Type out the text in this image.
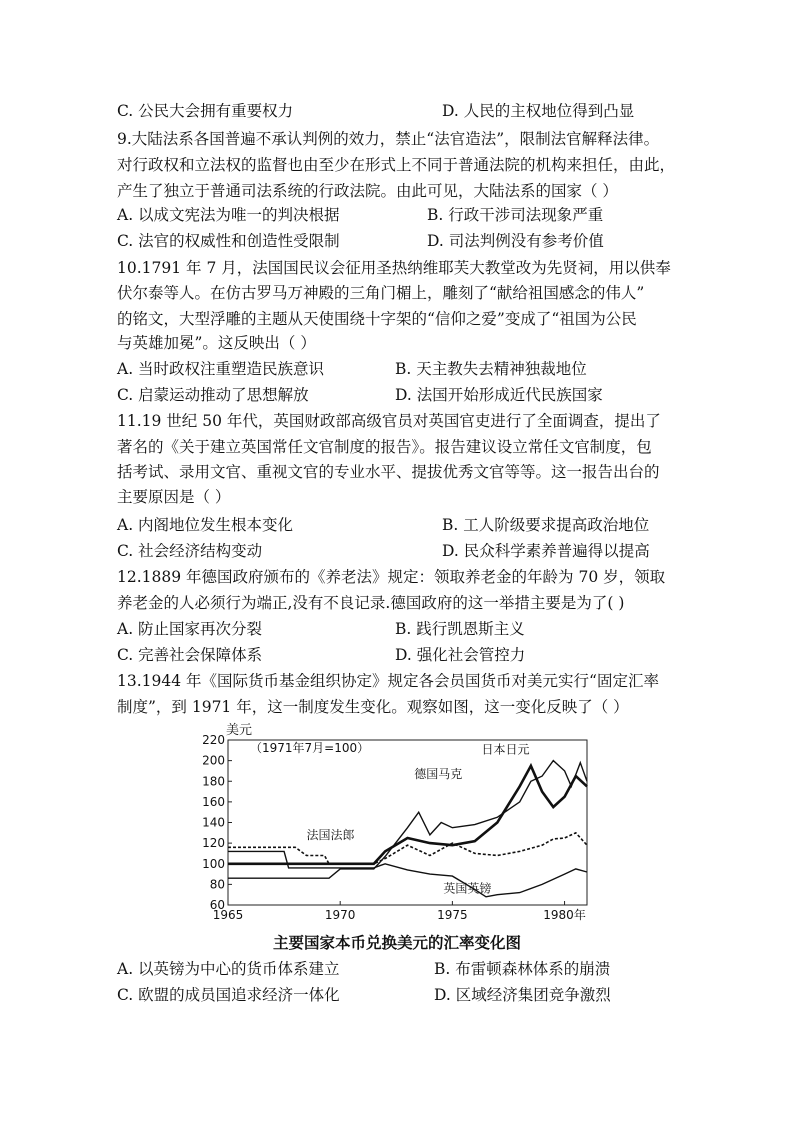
C. 公民大会拥有重要权力	D. 人民的主权地位得到凸显
9.大陆法系各国普遍不承认判例的效力，禁止“法官造法”，限制法官解释法律。
对行政权和立法权的监督也由至少在形式上不同于普通法院的机构来担任，由此，
产生了独立于普通司法系统的行政法院。由此可见，大陆法系的国家（ ）
A. 以成文宪法为唯一的判决根据	B. 行政干涉司法现象严重
C. 法官的权威性和创造性受限制	D. 司法判例没有参考价值
10.1791 年 7 月，法国国民议会征用圣热纳维耶芙大教堂改为先贤祠，用以供奉
伏尔泰等人。在仿古罗马万神殿的三角门楣上，雕刻了“献给祖国感念的伟人”
的铭文，大型浮雕的主题从天使围绕十字架的“信仰之爱”变成了“祖国为公民
与英雄加冕”。这反映出（ ）
A. 当时政权注重塑造民族意识	B. 天主教失去精神独裁地位
C. 启蒙运动推动了思想解放	D. 法国开始形成近代民族国家
11.19 世纪 50 年代，英国财政部高级官员对英国官吏进行了全面调查，提出了
著名的《关于建立英国常任文官制度的报告》。报告建议设立常任文官制度，包
括考试、录用文官、重视文官的专业水平、提拔优秀文官等等。这一报告出台的
主要原因是（ ）
A. 内阁地位发生根本变化	B. 工人阶级要求提高政治地位
C. 社会经济结构变动	D. 民众科学素养普遍得以提高
12.1889 年德国政府颁布的《养老法》规定：领取养老金的年龄为 70 岁，领取
养老金的人必须行为端正,没有不良记录.德国政府的这一举措主要是为了( )
A. 防止国家再次分裂	B. 践行凯恩斯主义
C. 完善社会保障体系	D. 强化社会管控力
13.1944 年《国际货币基金组织协定》规定各会员国货币对美元实行“固定汇率
制度”，到 1971 年，这一制度发生变化。观察如图，这一变化反映了（ ）
美元
（1971年7月=100）
60
80
100
120
140
160
180
200
220
1965	1970	1975	1980年
日本日元
德国马克
法国法郎
英国英镑
主要国家本币兑换美元的汇率变化图
A. 以英镑为中心的货币体系建立	B. 布雷顿森林体系的崩溃
C. 欧盟的成员国追求经济一体化	D. 区域经济集团竞争激烈
